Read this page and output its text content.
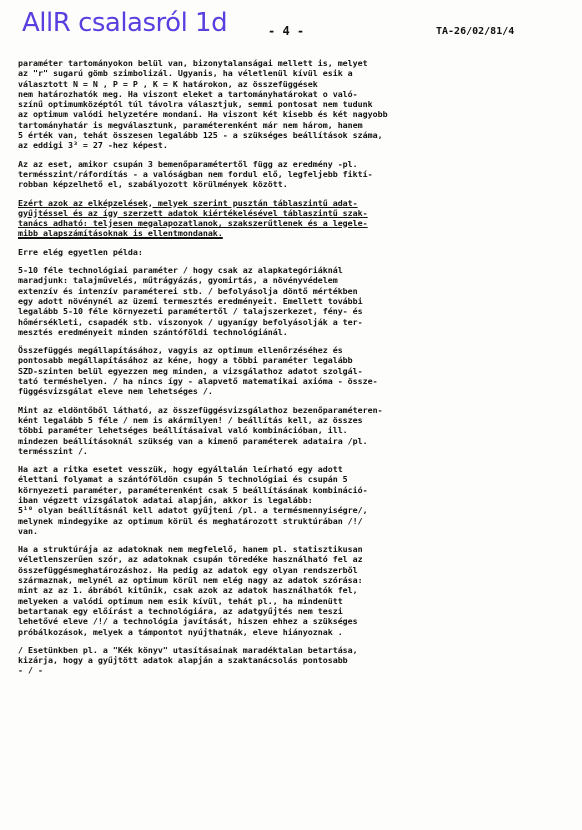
AllR csalasról 1d	- 4 -	TA-26/02/81/4
paraméter tartományokon belül van, bizonytalanságai mellett is, melyet
az "r" sugarú gömb szimbolizál. Ugyanis, ha véletlenül kívül esik a
választott N = N , P = P , K = K határokon, az összefüggések
nem határozhatók meg. Ha viszont eleket a tartományhatárokat o való-
színű optimumközéptól túl távolra választjuk, semmi pontosat nem tudunk
az optimum valódi helyzetére mondani. Ha viszont két kisebb és két nagyobb
tartományhatár is megválasztunk, paraméterenként már nem három, hanem
5 érték van, tehát összesen legalább 125 - a szükséges beállítások száma,
az eddigi 3³ = 27 -hez képest.
Az az eset, amikor csupán 3 bemenőparamétertől függ az eredmény -pl.
termésszint/ráfordítás - a valóságban nem fordul elő, legfeljebb fiktí-
robban képzelhető el, szabályozott körülmények között.
Ezért azok az elképzelések, melyek szerint pusztán táblaszintű adat-
gyűjtéssel és az így szerzett adatok kiértékelésével táblaszintű szak-
tanács adható: teljesen megalapozatlanok, szakszerűtlenek és a legele-
mibb alapszámításoknak is ellentmondanak.
Erre elég egyetlen példa:
5-10 féle technológiai paraméter / hogy csak az alapkategóriáknál
maradjunk: talajművelés, műtrágyázás, gyomirtás, a növényvédelem
extenzív és intenzív paraméterei stb. / befolyásolja döntő mértékben
egy adott növénynél az üzemi termesztés eredményeit. Emellett további
legalább 5-10 féle környezeti paramétertől / talajszerkezet, fény- és
hőmérsékleti, csapadék stb. viszonyok / ugyanígy befolyásolják a ter-
mesztés eredményeit minden szántóföldi technológiánál.
Összefüggés megállapításához, vagyis az optimum ellenőrzéséhez és
pontosabb megállapításához az kéne, hogy a többi paraméter legalább
SZD-szinten belül egyezzen meg minden, a vizsgálathoz adatot szolgál-
tató terméshelyen. / ha nincs így - alapvető matematikai axióma - össze-
függésvizsgálat eleve nem lehetséges /.
Mint az eldöntőből látható, az összefüggésvizsgálathoz bezenőparaméteren-
ként legalább 5 féle / nem is akármilyen! / beállítás kell, az összes
többi paraméter lehetséges beállításaival való kombinációban, ill.
mindezen beállításoknál szükség van a kimenő paraméterek adataira /pl.
termésszint /.
Ha azt a ritka esetet vesszük, hogy egyáltalán leírható egy adott
élettani folyamat a szántóföldön csupán 5 technológiai és csupán 5
környezeti paraméter, paraméterenként csak 5 beállításának kombináció-
iban végzett vizsgálatok adatai alapján, akkor is legalább:
5¹⁰ olyan beállításnál kell adatot gyűjteni /pl. a termésmennyiségre/,
melynek mindegyike az optimum körül és meghatározott struktúrában /!/
van.
Ha a struktúrája az adatoknak nem megfelelő, hanem pl. statisztikusan
véletlenszerűen szór, az adatoknak csupán töredéke használható fel az
összefüggésmeghatározáshoz. Ha pedig az adatok egy olyan rendszerből
származnak, melynél az optimum körül nem elég nagy az adatok szórása:
mint az az 1. ábrából kitűnik, csak azok az adatok használhatók fel,
melyeken a valódi optimum nem esik kívül, tehát pl., ha mindenütt
betartanak egy előírást a technológiára, az adatgyűjtés nem teszi
lehetővé eleve /!/ a technológia javítását, hiszen ehhez a szükséges
próbálkozások, melyek a támpontot nyújthatnák, eleve hiányoznak .
/ Esetünkben pl. a "Kék könyv" utasításainak maradéktalan betartása,
kizárja, hogy a gyűjtött adatok alapján a szaktanácsolás pontosabb
- / -
